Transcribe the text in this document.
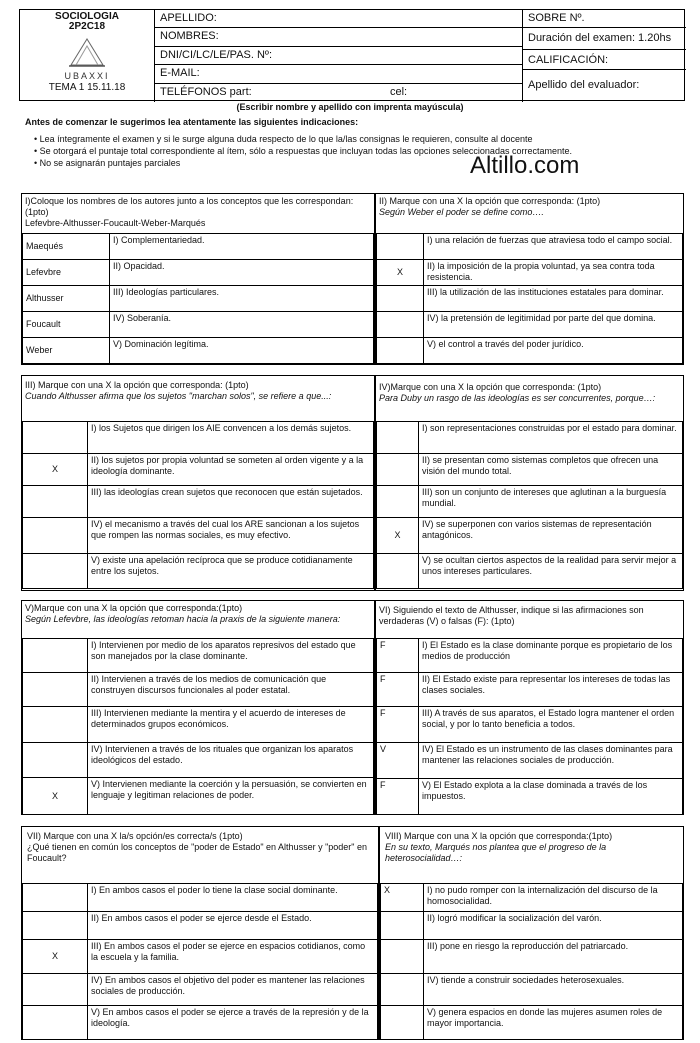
SOCIOLOGIA
2P2C18
UBAXXI
TEMA 1 15.11.18
APELLIDO:
NOMBRES:
DNI/CI/LC/LE/PAS. Nº:
E-MAIL:
TELÉFONOS part:	cel:
SOBRE Nº.
Duración del examen: 1.20hs
CALIFICACIÓN:
Apellido del evaluador:
(Escribir nombre y apellido con imprenta mayúscula)
Antes de comenzar le sugerimos lea atentamente las siguientes indicaciones:
• Lea íntegramente el examen y si le surge alguna duda respecto de lo que la/las consignas le requieren, consulte al docente
• Se otorgará el puntaje total correspondiente al ítem, sólo a respuestas que incluyan todas las opciones seleccionadas correctamente.
• No se asignarán puntajes parciales	Altillo.com
I)Coloque los nombres de los autores junto a los conceptos que les correspondan:(1pto)
Lefevbre-Althusser-Foucault-Weber-Marqués
Maequés	I) Complementariedad.
Lefevbre	II) Opacidad.
Althusser	III) Ideologías particulares.
Foucault	IV) Soberanía.
Weber	V) Dominación legítima.
II) Marque con una X la opción que corresponda: (1pto)
Según Weber el poder se define como….
	I) una relación de fuerzas que atraviesa todo el campo social.
X	II) la imposición de la propia voluntad, ya sea contra toda resistencia.
	III) la utilización de las instituciones estatales para dominar.
	IV) la pretensión de legitimidad por parte del que domina.
	V) el control a través del poder jurídico.
III) Marque con una X la opción que corresponda: (1pto)
Cuando Althusser afirma que los sujetos "marchan solos", se refiere a que...:
	I) los Sujetos que dirigen los AIE convencen a los demás sujetos.
X	II) los sujetos por propia voluntad se someten al orden vigente y a la ideología dominante.
	III) las ideologías crean sujetos que reconocen que están sujetados.
	IV) el mecanismo a través del cual los ARE sancionan a los sujetos que rompen las normas sociales, es muy efectivo.
	V) existe una apelación recíproca que se produce cotidianamente entre los sujetos.
IV)Marque con una X la opción que corresponda: (1pto)
Para Duby un rasgo de las ideologías es ser concurrentes, porque…:
	I) son representaciones construidas por el estado para dominar.
	II) se presentan como sistemas completos que ofrecen una visión del mundo total.
	III) son un conjunto de intereses que aglutinan a la burguesía mundial.
X	IV) se superponen con varios sistemas de representación antagónicos.
	V) se ocultan ciertos aspectos de la realidad para servir mejor a unos intereses particulares.
V)Marque con una X la opción que corresponda:(1pto)
Según Lefevbre, las ideologías retoman hacia la praxis de la siguiente manera:
	I) Intervienen por medio de los aparatos represivos del estado que son manejados por la clase dominante.
	II) Intervienen a través de los medios de comunicación que construyen discursos funcionales al poder estatal.
	III) Intervienen mediante la mentira y el acuerdo de intereses de determinados grupos económicos.
	IV) Intervienen a través de los rituales que organizan los aparatos ideológicos del estado.
X	V) Intervienen mediante la coerción y la persuasión, se convierten en lenguaje y legitiman relaciones de poder.
VI) Siguiendo el texto de Althusser, indique si las afirmaciones son verdaderas (V) o falsas (F): (1pto)
F	I) El Estado es la clase dominante porque es propietario de los medios de producción
F	II) El Estado existe para representar los intereses de todas las clases sociales.
F	III) A través de sus aparatos, el Estado logra mantener el orden social, y por lo tanto beneficia a todos.
V	IV) El Estado es un instrumento de las clases dominantes para mantener las relaciones sociales de producción.
F	V) El Estado explota a la clase dominada a través de los impuestos.
VII) Marque con una X la/s opción/es correcta/s (1pto)
¿Qué tienen en común los conceptos de "poder de Estado" en Althusser y "poder" en Foucault?
	I) En ambos casos el poder lo tiene la clase social dominante.
	II) En ambos casos el poder se ejerce desde el Estado.
X	III) En ambos casos el poder se ejerce en espacios cotidianos, como la escuela y la familia.
	IV) En ambos casos el objetivo del poder es mantener las relaciones sociales de producción.
	V) En ambos casos el poder se ejerce a través de la represión y de la ideología.
VIII) Marque con una X la opción que corresponda:(1pto)
En su texto, Marqués nos plantea que el progreso de la heterosocialidad…:
X	I) no pudo romper con la internalización del discurso de la homosocialidad.
	II) logró modificar la socialización del varón.
	III) pone en riesgo la reproducción del patriarcado.
	IV) tiende a construir sociedades heterosexuales.
	V) genera espacios en donde las mujeres asumen roles de mayor importancia.
